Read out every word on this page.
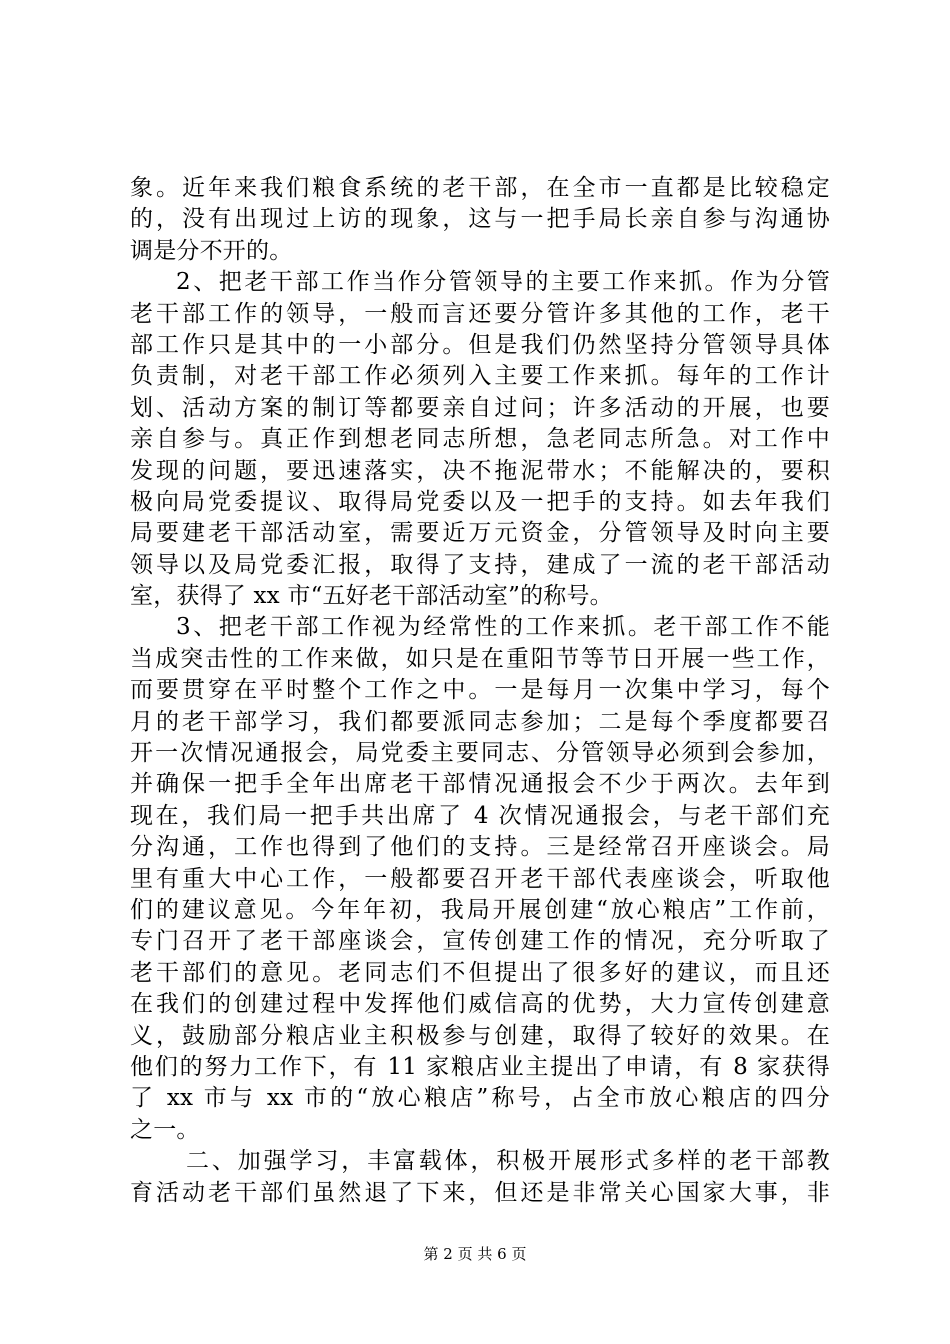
象。近年来我们粮食系统的老干部，在全市一直都是比较稳定
的，没有出现过上访的现象，这与一把手局长亲自参与沟通协
调是分不开的。
2、把老干部工作当作分管领导的主要工作来抓。作为分管
老干部工作的领导，一般而言还要分管许多其他的工作，老干
部工作只是其中的一小部分。但是我们仍然坚持分管领导具体
负责制，对老干部工作必须列入主要工作来抓。每年的工作计
划、活动方案的制订等都要亲自过问；许多活动的开展，也要
亲自参与。真正作到想老同志所想，急老同志所急。对工作中
发现的问题，要迅速落实，决不拖泥带水；不能解决的，要积
极向局党委提议、取得局党委以及一把手的支持。如去年我们
局要建老干部活动室，需要近万元资金，分管领导及时向主要
领导以及局党委汇报，取得了支持，建成了一流的老干部活动
室，获得了 xx 市“五好老干部活动室”的称号。
3、把老干部工作视为经常性的工作来抓。老干部工作不能
当成突击性的工作来做，如只是在重阳节等节日开展一些工作，
而要贯穿在平时整个工作之中。一是每月一次集中学习，每个
月的老干部学习，我们都要派同志参加；二是每个季度都要召
开一次情况通报会，局党委主要同志、分管领导必须到会参加，
并确保一把手全年出席老干部情况通报会不少于两次。去年到
现在，我们局一把手共出席了 4 次情况通报会，与老干部们充
分沟通，工作也得到了他们的支持。三是经常召开座谈会。局
里有重大中心工作，一般都要召开老干部代表座谈会，听取他
们的建议意见。今年年初，我局开展创建“放心粮店”工作前，
专门召开了老干部座谈会，宣传创建工作的情况，充分听取了
老干部们的意见。老同志们不但提出了很多好的建议，而且还
在我们的创建过程中发挥他们威信高的优势，大力宣传创建意
义，鼓励部分粮店业主积极参与创建，取得了较好的效果。在
他们的努力工作下，有 11 家粮店业主提出了申请，有 8 家获得
了 xx 市与 xx 市的“放心粮店”称号，占全市放心粮店的四分
之一。
二、加强学习，丰富载体，积极开展形式多样的老干部教
育活动老干部们虽然退了下来，但还是非常关心国家大事，非
第 2 页 共 6 页
